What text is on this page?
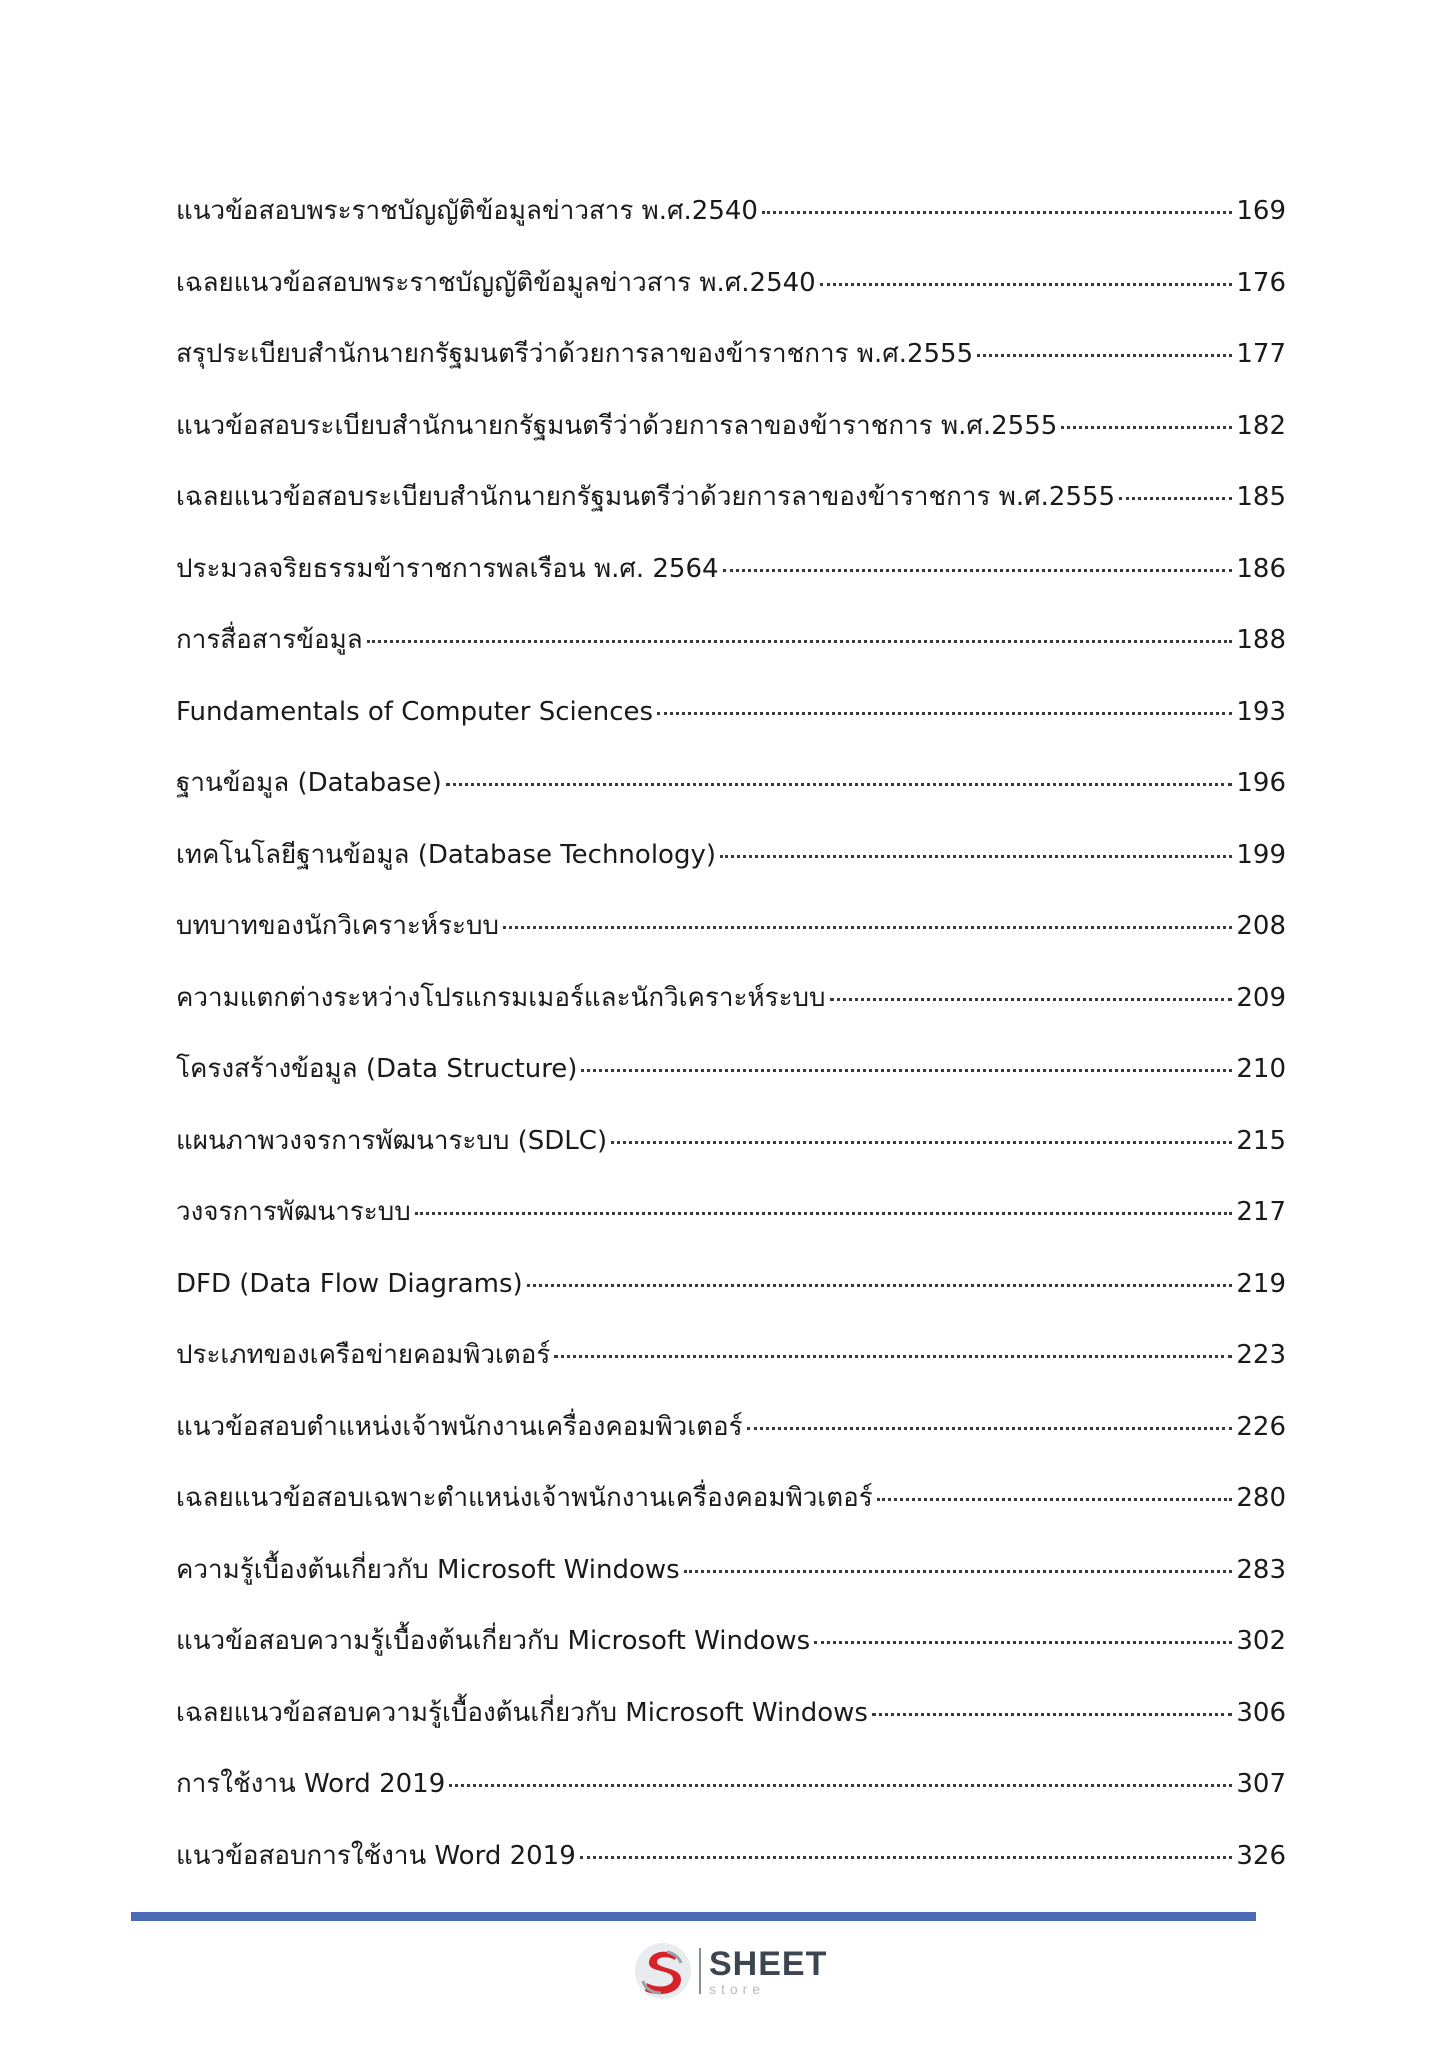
แนวข้อสอบพระราชบัญญัติข้อมูลข่าวสาร พ.ศ.2540	169
เฉลยแนวข้อสอบพระราชบัญญัติข้อมูลข่าวสาร พ.ศ.2540	176
สรุประเบียบสำนักนายกรัฐมนตรีว่าด้วยการลาของข้าราชการ พ.ศ.2555	177
แนวข้อสอบระเบียบสำนักนายกรัฐมนตรีว่าด้วยการลาของข้าราชการ พ.ศ.2555	182
เฉลยแนวข้อสอบระเบียบสำนักนายกรัฐมนตรีว่าด้วยการลาของข้าราชการ พ.ศ.2555	185
ประมวลจริยธรรมข้าราชการพลเรือน พ.ศ. 2564	186
การสื่อสารข้อมูล	188
Fundamentals of Computer Sciences	193
ฐานข้อมูล (Database)	196
เทคโนโลยีฐานข้อมูล (Database Technology)	199
บทบาทของนักวิเคราะห์ระบบ	208
ความแตกต่างระหว่างโปรแกรมเมอร์และนักวิเคราะห์ระบบ	209
โครงสร้างข้อมูล (Data Structure)	210
แผนภาพวงจรการพัฒนาระบบ (SDLC)	215
วงจรการพัฒนาระบบ	217
DFD (Data Flow Diagrams)	219
ประเภทของเครือข่ายคอมพิวเตอร์	223
แนวข้อสอบตำแหน่งเจ้าพนักงานเครื่องคอมพิวเตอร์	226
เฉลยแนวข้อสอบเฉพาะตำแหน่งเจ้าพนักงานเครื่องคอมพิวเตอร์	280
ความรู้เบื้องต้นเกี่ยวกับ Microsoft Windows	283
แนวข้อสอบความรู้เบื้องต้นเกี่ยวกับ Microsoft Windows	302
เฉลยแนวข้อสอบความรู้เบื้องต้นเกี่ยวกับ Microsoft Windows	306
การใช้งาน Word 2019	307
แนวข้อสอบการใช้งาน Word 2019	326
SHEET
store
